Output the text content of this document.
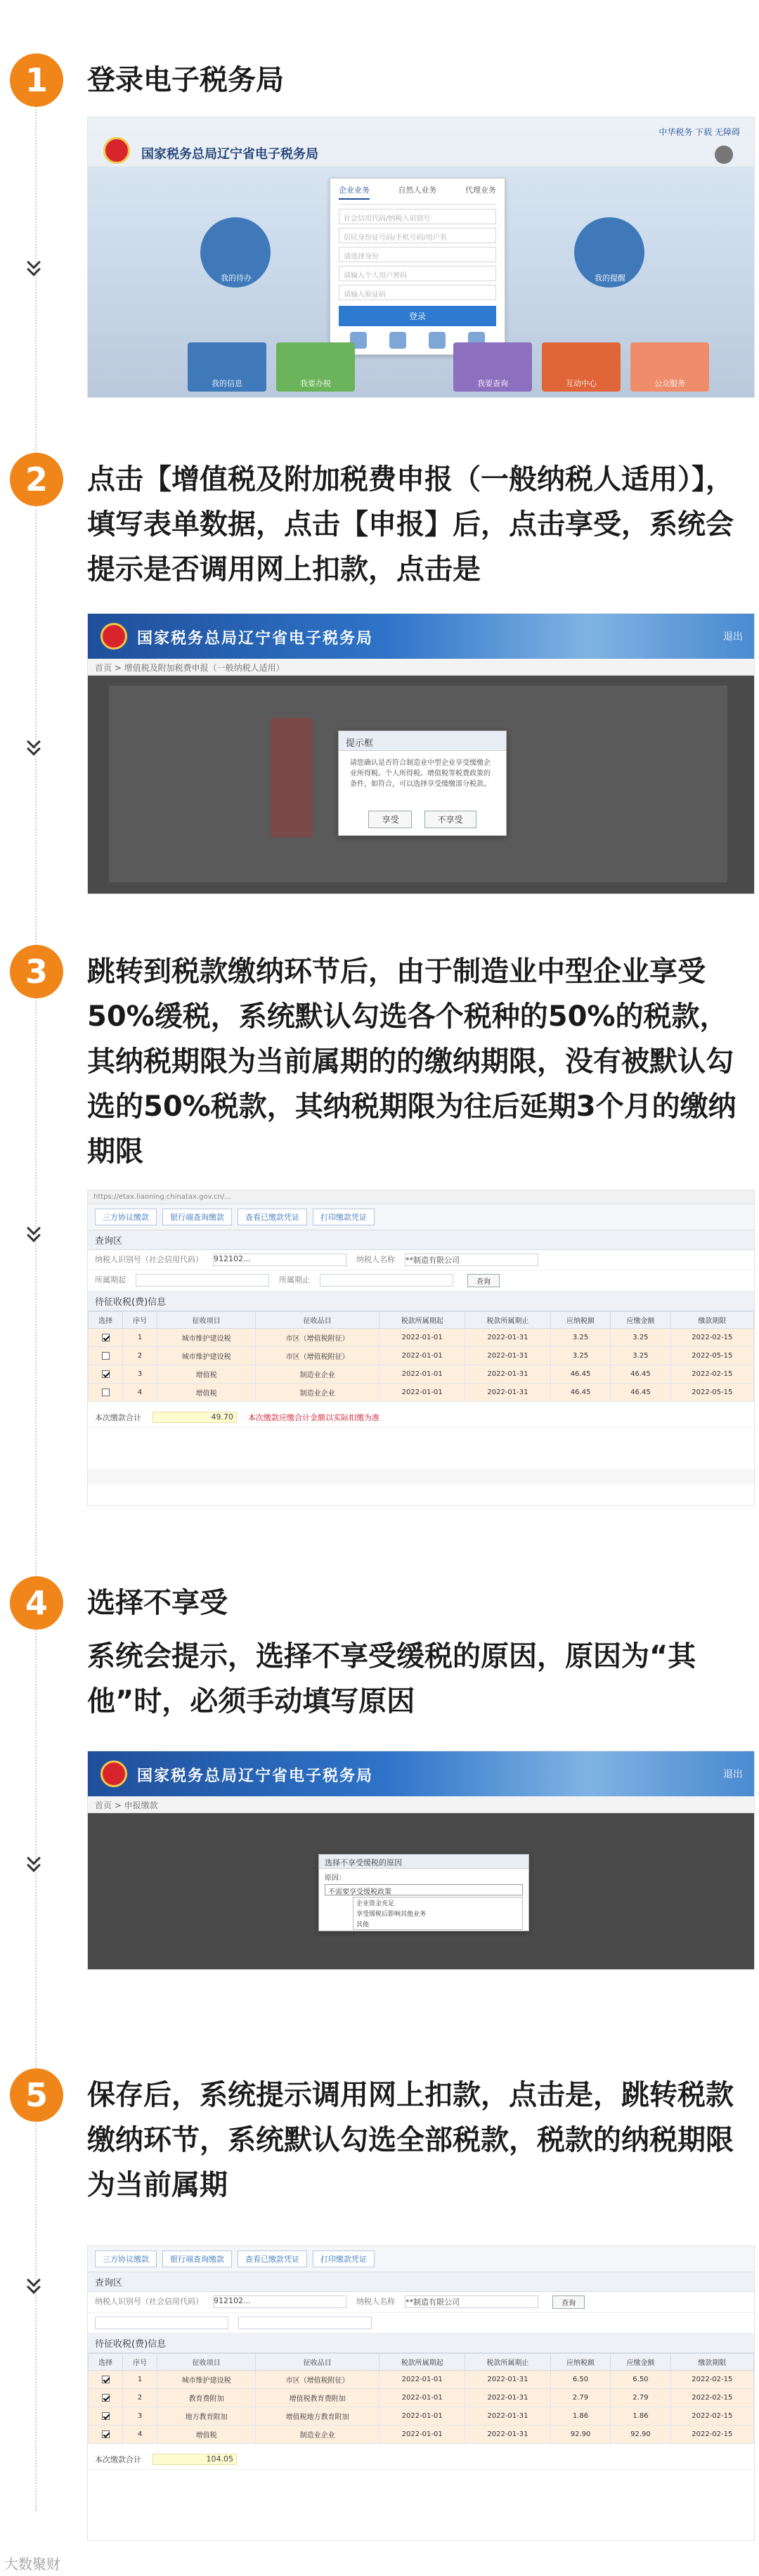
1	登录电子税务局
国家税务总局辽宁省电子税务局
中华税务 下载 无障碍
我的待办	我的提醒
企业业务	自然人业务	代理业务
社会信用代码/纳税人识别号
居民身份证号码/手机号码/用户名
请选择身份
请输入个人用户密码
请输入验证码
登录
我的信息	我要办税	我要查询	互动中心	公众服务
2	点击【增值税及附加税费申报（一般纳税人适用）】，填写表单数据，点击【申报】后，点击享受，系统会提示是否调用网上扣款，点击是
国家税务总局辽宁省电子税务局	退出
首页 > 增值税及附加税费申报（一般纳税人适用）
提示框
请您确认是否符合制造业中型企业享受缓缴企业所得税、个人所得税、增值税等税费政策的条件，如符合，可以选择享受缓缴部分税款。
享受	不享受
3	跳转到税款缴纳环节后，由于制造业中型企业享受50%缓税，系统默认勾选各个税种的50%的税款，其纳税期限为当前属期的的缴纳期限，没有被默认勾选的50%税款，其纳税期限为往后延期3个月的缴纳期限
https://etax.liaoning.chinatax.gov.cn/...
三方协议缴款	银行端查询缴款	查看已缴款凭证	打印缴款凭证
查询区
纳税人识别号（社会信用代码） 912102...	纳税人名称 **制造有限公司
所属期起	所属期止	查询
待征收税(费)信息
选择	序号	征收项目	征收品目	税款所属期起	税款所属期止	应纳税额	应缴金额	缴款期限
	1	城市维护建设税	市区（增值税附征）	2022-01-01	2022-01-31	3.25	3.25	2022-02-15
	2	城市维护建设税	市区（增值税附征）	2022-01-01	2022-01-31	3.25	3.25	2022-05-15
	3	增值税	制造业企业	2022-01-01	2022-01-31	46.45	46.45	2022-02-15
	4	增值税	制造业企业	2022-01-01	2022-01-31	46.45	46.45	2022-05-15
本次缴款合计	49.70	本次缴款应缴合计金额以实际扣缴为准
4	选择不享受
系统会提示，选择不享受缓税的原因，原因为“其他”时，必须手动填写原因
国家税务总局辽宁省电子税务局	退出
首页 > 申报缴款
选择不享受缓税的原因
原因：
不需要享受缓税政策
企业资金充足
享受缓税后影响其他业务
其他
5	保存后，系统提示调用网上扣款，点击是，跳转税款缴纳环节，系统默认勾选全部税款，税款的纳税期限为当前属期
三方协议缴款	银行端查询缴款	查看已缴款凭证	打印缴款凭证
查询区
纳税人识别号（社会信用代码） 912102...	纳税人名称 **制造有限公司	查询
待征收税(费)信息
选择	序号	征收项目	征收品目	税款所属期起	税款所属期止	应纳税额	应缴金额	缴款期限
	1	城市维护建设税	市区（增值税附征）	2022-01-01	2022-01-31	6.50	6.50	2022-02-15
	2	教育费附加	增值税教育费附加	2022-01-01	2022-01-31	2.79	2.79	2022-02-15
	3	地方教育附加	增值税地方教育附加	2022-01-01	2022-01-31	1.86	1.86	2022-02-15
	4	增值税	制造业企业	2022-01-01	2022-01-31	92.90	92.90	2022-02-15
本次缴款合计	104.05
大数聚财
